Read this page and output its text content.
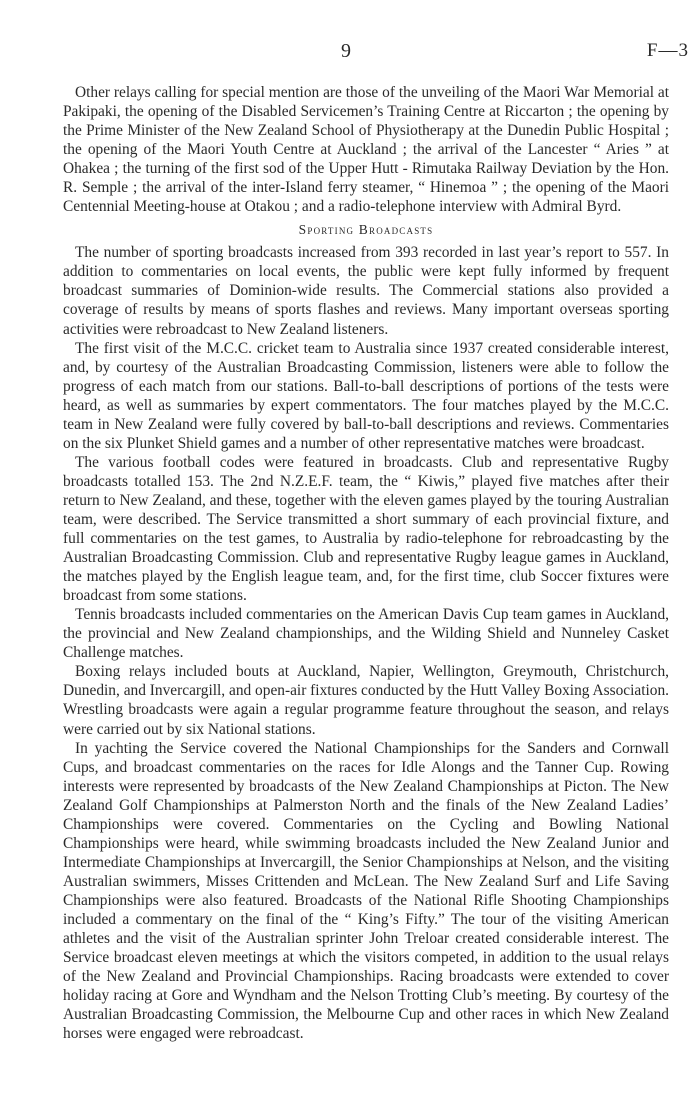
9	F—3

Other relays calling for special mention are those of the unveiling of the Maori War Memorial at Pakipaki, the opening of the Disabled Servicemen’s Training Centre at Riccarton ; the opening by the Prime Minister of the New Zealand School of Physiotherapy at the Dunedin Public Hospital ; the opening of the Maori Youth Centre at Auckland ; the arrival of the Lancester “ Aries ” at Ohakea ; the turning of the first sod of the Upper Hutt - Rimutaka Railway Deviation by the Hon. R. Semple ; the arrival of the inter-Island ferry steamer, “ Hinemoa ” ; the opening of the Maori Centennial Meeting-house at Otakou ; and a radio-telephone interview with Admiral Byrd.

Sporting Broadcasts

The number of sporting broadcasts increased from 393 recorded in last year’s report to 557. In addition to commentaries on local events, the public were kept fully informed by frequent broadcast summaries of Dominion-wide results. The Commercial stations also provided a coverage of results by means of sports flashes and reviews. Many important overseas sporting activities were rebroadcast to New Zealand listeners.

The first visit of the M.C.C. cricket team to Australia since 1937 created considerable interest, and, by courtesy of the Australian Broadcasting Commission, listeners were able to follow the progress of each match from our stations. Ball-to-ball descriptions of portions of the tests were heard, as well as summaries by expert commentators. The four matches played by the M.C.C. team in New Zealand were fully covered by ball-to-ball descriptions and reviews. Commentaries on the six Plunket Shield games and a number of other representative matches were broadcast.

The various football codes were featured in broadcasts. Club and representative Rugby broadcasts totalled 153. The 2nd N.Z.E.F. team, the “ Kiwis,” played five matches after their return to New Zealand, and these, together with the eleven games played by the touring Australian team, were described. The Service transmitted a short summary of each provincial fixture, and full commentaries on the test games, to Australia by radio-telephone for rebroadcasting by the Australian Broadcasting Commission. Club and representative Rugby league games in Auckland, the matches played by the English league team, and, for the first time, club Soccer fixtures were broadcast from some stations.

Tennis broadcasts included commentaries on the American Davis Cup team games in Auckland, the provincial and New Zealand championships, and the Wilding Shield and Nunneley Casket Challenge matches.

Boxing relays included bouts at Auckland, Napier, Wellington, Greymouth, Christchurch, Dunedin, and Invercargill, and open-air fixtures conducted by the Hutt Valley Boxing Association. Wrestling broadcasts were again a regular programme feature throughout the season, and relays were carried out by six National stations.

In yachting the Service covered the National Championships for the Sanders and Cornwall Cups, and broadcast commentaries on the races for Idle Alongs and the Tanner Cup. Rowing interests were represented by broadcasts of the New Zealand Championships at Picton. The New Zealand Golf Championships at Palmerston North and the finals of the New Zealand Ladies’ Championships were covered. Commentaries on the Cycling and Bowling National Championships were heard, while swimming broadcasts included the New Zealand Junior and Intermediate Championships at Invercargill, the Senior Championships at Nelson, and the visiting Australian swimmers, Misses Crittenden and McLean. The New Zealand Surf and Life Saving Championships were also featured. Broadcasts of the National Rifle Shooting Championships included a commentary on the final of the “ King’s Fifty.” The tour of the visiting American athletes and the visit of the Australian sprinter John Treloar created considerable interest. The Service broadcast eleven meetings at which the visitors competed, in addition to the usual relays of the New Zealand and Provincial Championships. Racing broadcasts were extended to cover holiday racing at Gore and Wyndham and the Nelson Trotting Club’s meeting. By courtesy of the Australian Broadcasting Commission, the Melbourne Cup and other races in which New Zealand horses were engaged were rebroadcast.
